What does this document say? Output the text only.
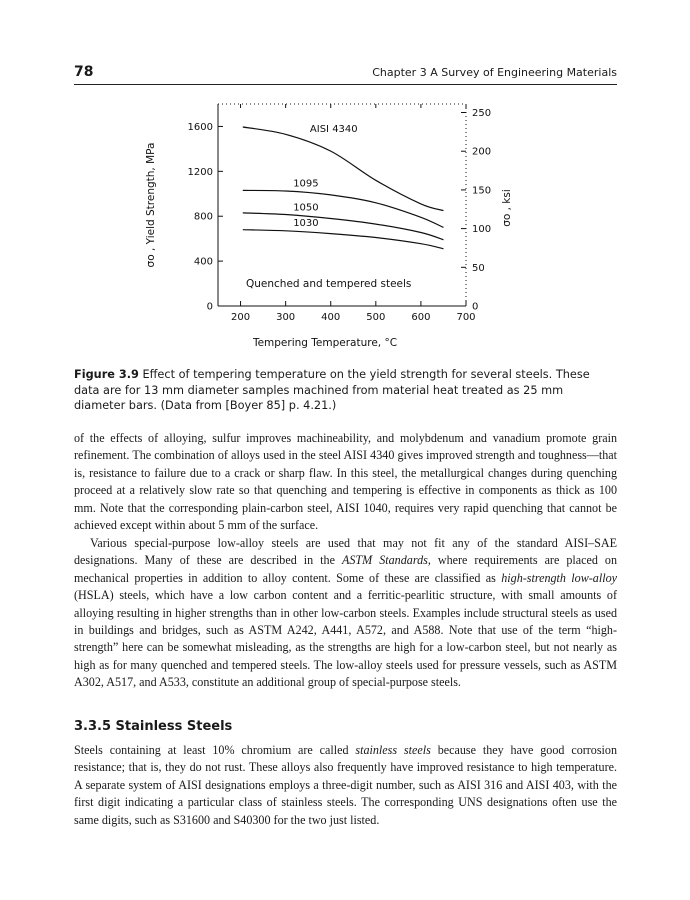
78	Chapter 3 A Survey of Engineering Materials
200	300	400	500	600	700
0
400
800
1200
1600
0
50
100
150
200
250
AISI 4340
1095
1050
1030
Tempering Temperature, °C
σo , Yield Strength, MPa	σo , ksi
Quenched and tempered steels
Figure 3.9 Effect of tempering temperature on the yield strength for several steels. These data are for 13 mm diameter samples machined from material heat treated as 25 mm diameter bars. (Data from [Boyer 85] p. 4.21.)

of the effects of alloying, sulfur improves machineability, and molybdenum and vanadium promote grain refinement. The combination of alloys used in the steel AISI 4340 gives improved strength and toughness—that is, resistance to failure due to a crack or sharp flaw. In this steel, the metallurgical changes during quenching proceed at a relatively slow rate so that quenching and tempering is effective in components as thick as 100 mm. Note that the corresponding plain-carbon steel, AISI 1040, requires very rapid quenching that cannot be achieved except within about 5 mm of the surface.

Various special-purpose low-alloy steels are used that may not fit any of the standard AISI–SAE designations. Many of these are described in the ASTM Standards, where requirements are placed on mechanical properties in addition to alloy content. Some of these are classified as high-strength low-alloy (HSLA) steels, which have a low carbon content and a ferritic-pearlitic structure, with small amounts of alloying resulting in higher strengths than in other low-carbon steels. Examples include structural steels as used in buildings and bridges, such as ASTM A242, A441, A572, and A588. Note that use of the term “high-strength” here can be somewhat misleading, as the strengths are high for a low-carbon steel, but not nearly as high as for many quenched and tempered steels. The low-alloy steels used for pressure vessels, such as ASTM A302, A517, and A533, constitute an additional group of special-purpose steels.

3.3.5 Stainless Steels

Steels containing at least 10% chromium are called stainless steels because they have good corrosion resistance; that is, they do not rust. These alloys also frequently have improved resistance to high temperature. A separate system of AISI designations employs a three-digit number, such as AISI 316 and AISI 403, with the first digit indicating a particular class of stainless steels. The corresponding UNS designations often use the same digits, such as S31600 and S40300 for the two just listed.
